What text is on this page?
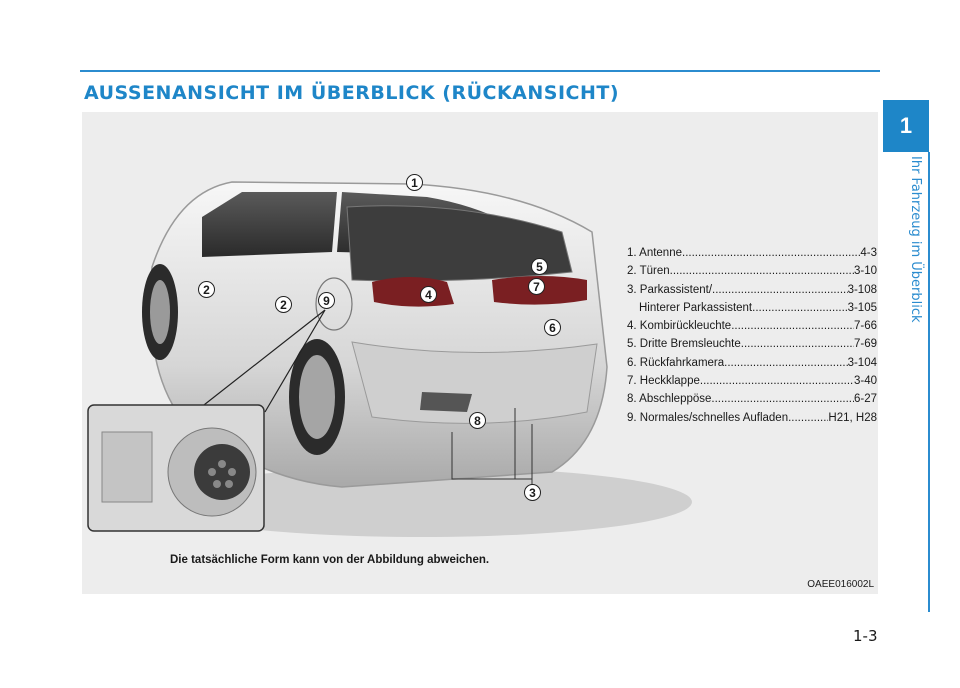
AUSSENANSICHT IM ÜBERBLICK (RÜCKANSICHT)
1
Ihr Fahrzeug im Überblick
1
2
2
3
4
5
6
7
8
9
1. Antenne .....	4-3
2. Türen .....	3-10
3. Parkassistent/ .....	3-108
Hinterer Parkassistent .....	3-105
4. Kombirückleuchte .....	7-66
5. Dritte Bremsleuchte .....	7-69
6. Rückfahrkamera .....	3-104
7. Heckklappe .....	3-40
8. Abschleppöse .....	6-27
9. Normales/schnelles Aufladen .....	H21, H28
Die tatsächliche Form kann von der Abbildung abweichen.
OAEE016002L
1-3
